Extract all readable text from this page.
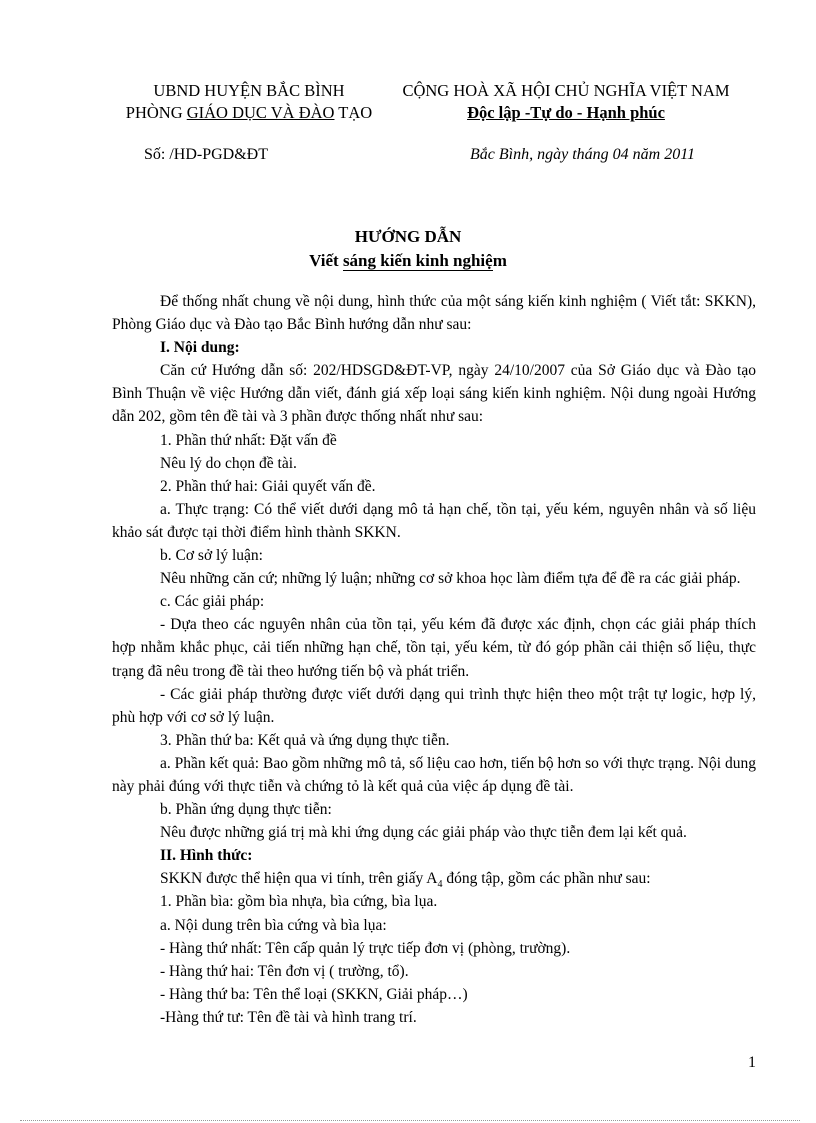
UBND HUYỆN BẮC BÌNH
PHÒNG GIÁO DỤC VÀ ĐÀO TẠO
CỘNG HOÀ XÃ HỘI CHỦ NGHĨA VIỆT NAM
Độc lập -Tự do - Hạnh phúc
Số: /HD-PGD&ĐT	Bắc Bình, ngày tháng 04 năm 2011
HƯỚNG DẪN
Viết sáng kiến kinh nghiệm

Để thống nhất chung về nội dung, hình thức của một sáng kiến kinh nghiệm ( Viết tắt: SKKN), Phòng Giáo dục và Đào tạo Bắc Bình hướng dẫn như sau:

I. Nội dung:

Căn cứ Hướng dẫn số: 202/HDSGD&ĐT-VP, ngày 24/10/2007 của Sở Giáo dục và Đào tạo Bình Thuận về việc Hướng dẫn viết, đánh giá xếp loại sáng kiến kinh nghiệm. Nội dung ngoài Hướng dẫn 202, gồm tên đề tài và 3 phần được thống nhất như sau:

1. Phần thứ nhất: Đặt vấn đề

Nêu lý do chọn đề tài.

2. Phần thứ hai: Giải quyết vấn đề.

a. Thực trạng: Có thể viết dưới dạng mô tả hạn chế, tồn tại, yếu kém, nguyên nhân và số liệu khảo sát được tại thời điểm hình thành SKKN.

b. Cơ sở lý luận:

Nêu những căn cứ; những lý luận; những cơ sở khoa học làm điểm tựa để đề ra các giải pháp.

c. Các giải pháp:

- Dựa theo các nguyên nhân của tồn tại, yếu kém đã được xác định, chọn các giải pháp thích hợp nhằm khắc phục, cải tiến những hạn chế, tồn tại, yếu kém, từ đó góp phần cải thiện số liệu, thực trạng đã nêu trong đề tài theo hướng tiến bộ và phát triển.

- Các giải pháp thường được viết dưới dạng qui trình thực hiện theo một trật tự logic, hợp lý, phù hợp với cơ sở lý luận.

3. Phần thứ ba: Kết quả và ứng dụng thực tiễn.

a. Phần kết quả: Bao gồm những mô tả, số liệu cao hơn, tiến bộ hơn so với thực trạng. Nội dung này phải đúng với thực tiễn và chứng tỏ là kết quả của việc áp dụng đề tài.

b. Phần ứng dụng thực tiễn:

Nêu được những giá trị mà khi ứng dụng các giải pháp vào thực tiễn đem lại kết quả.

II. Hình thức:

SKKN được thể hiện qua vi tính, trên giấy $A_4$ đóng tập, gồm các phần như sau:

1. Phần bìa: gồm bìa nhựa, bìa cứng, bìa lụa.

a. Nội dung trên bìa cứng và bìa lụa:

- Hàng thứ nhất: Tên cấp quản lý trực tiếp đơn vị (phòng, trường).

- Hàng thứ hai: Tên đơn vị ( trường, tổ).

- Hàng thứ ba: Tên thể loại (SKKN, Giải pháp…)

-Hàng thứ tư: Tên đề tài và hình trang trí.

1
